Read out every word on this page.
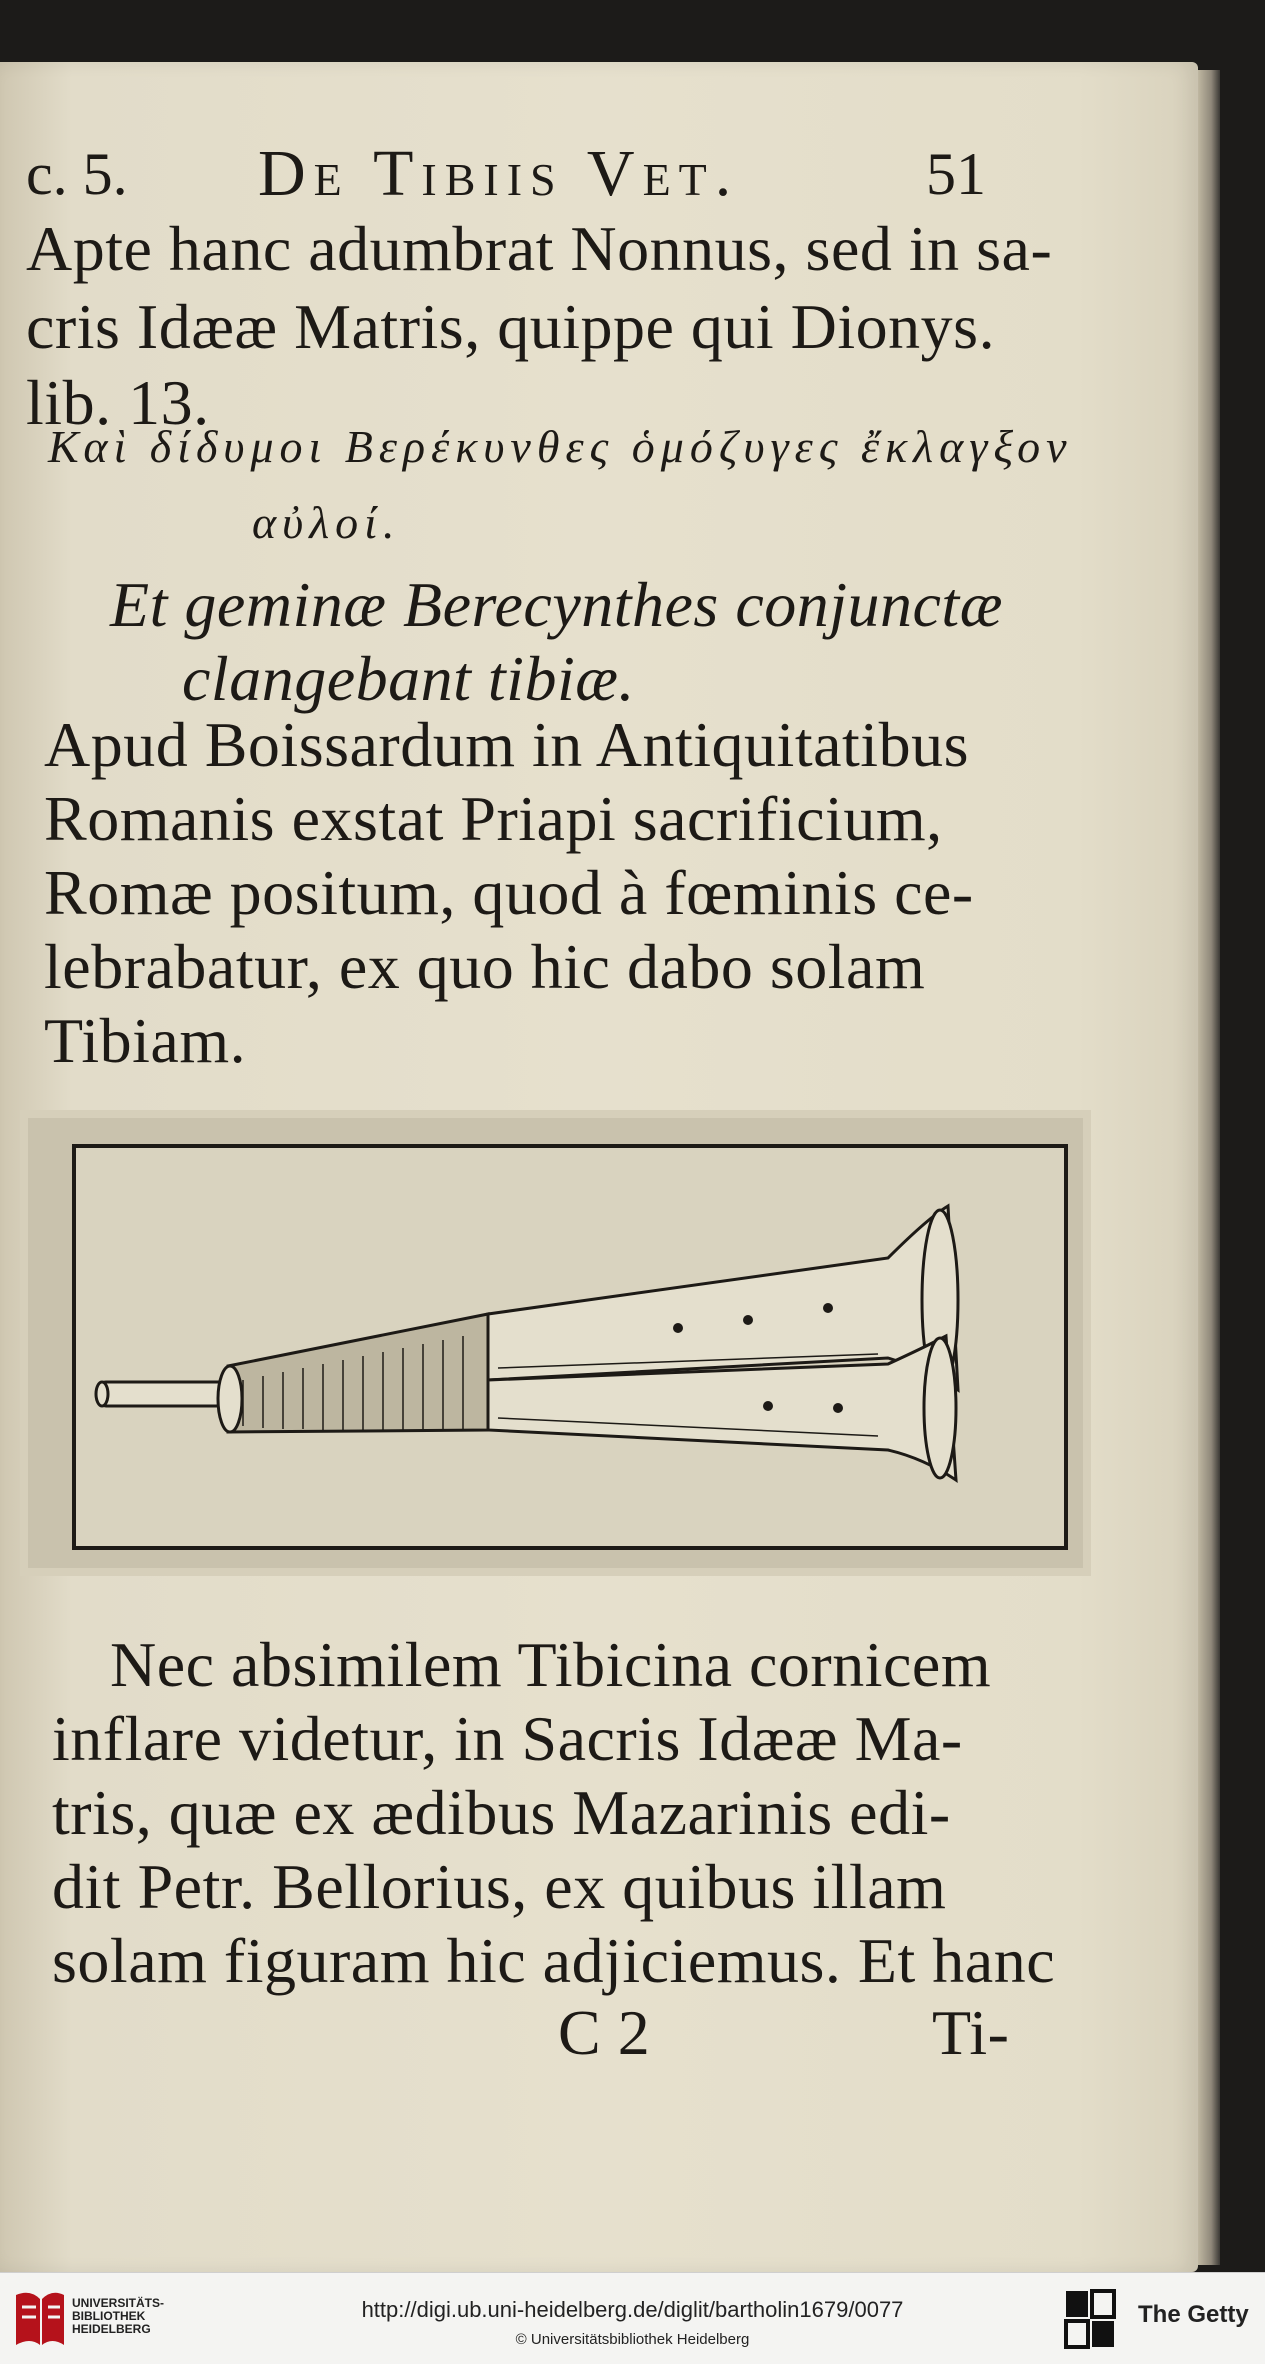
c. 5. De Tibiis Vet.	51
Apte hanc adumbrat Nonnus, sed in sa-
cris Idææ Matris, quippe qui Dionys.
lib. 13.
Καὶ δίδυμοι Βερέκυνθες ὁμόζυγες ἔκλαγξον
αὐλοί.
Et geminæ Berecynthes conjunctæ
clangebant tibiæ.
Apud Boissardum in Antiquitatibus
Romanis exstat Priapi sacrificium,
Romæ positum, quod à fœminis ce-
lebrabatur, ex quo hic dabo solam
Tibiam.
Nec absimilem Tibicina cornicem
inflare videtur, in Sacris Idææ Ma-
tris, quæ ex ædibus Mazarinis edi-
dit Petr. Bellorius, ex quibus illam
solam figuram hic adjiciemus. Et hanc
C 2	Ti-
UNIVERSITÄTS-
BIBLIOTHEK
HEIDELBERG
http://digi.ub.uni-heidelberg.de/diglit/bartholin1679/0077
© Universitätsbibliothek Heidelberg
The Getty
